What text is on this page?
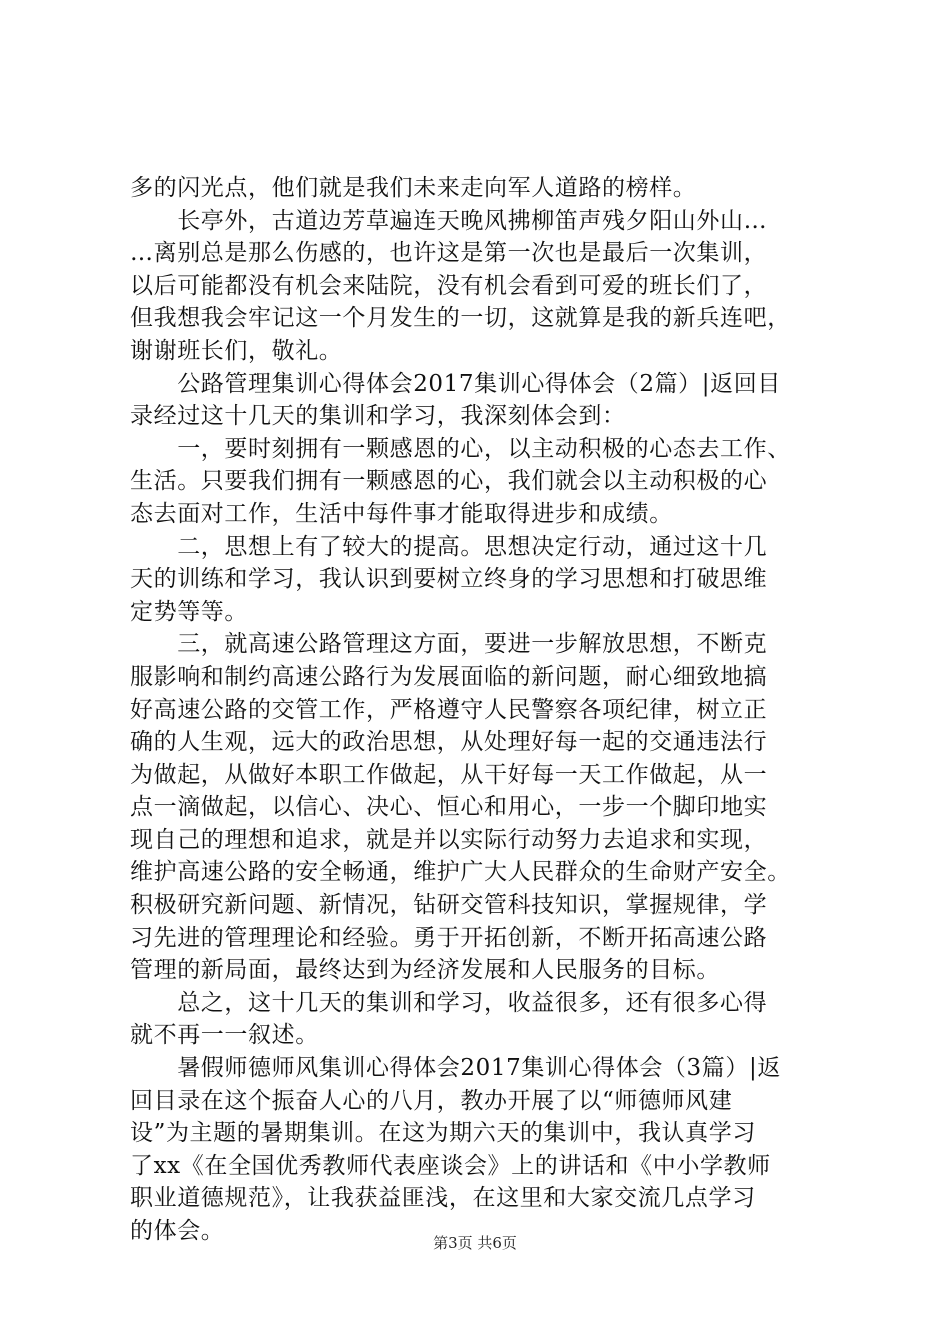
多的闪光点，他们就是我们未来走向军人道路的榜样。
　　长亭外，古道边芳草遍连天晚风拂柳笛声残夕阳山外山…
…离别总是那么伤感的，也许这是第一次也是最后一次集训，
以后可能都没有机会来陆院，没有机会看到可爱的班长们了，
但我想我会牢记这一个月发生的一切，这就算是我的新兵连吧，
谢谢班长们，敬礼。
　　公路管理集训心得体会2017集训心得体会（2篇）|返回目
录经过这十几天的集训和学习，我深刻体会到：
　　一，要时刻拥有一颗感恩的心，以主动积极的心态去工作、
生活。只要我们拥有一颗感恩的心，我们就会以主动积极的心
态去面对工作，生活中每件事才能取得进步和成绩。
　　二，思想上有了较大的提高。思想决定行动，通过这十几
天的训练和学习，我认识到要树立终身的学习思想和打破思维
定势等等。
　　三，就高速公路管理这方面，要进一步解放思想，不断克
服影响和制约高速公路行为发展面临的新问题，耐心细致地搞
好高速公路的交管工作，严格遵守人民警察各项纪律，树立正
确的人生观，远大的政治思想，从处理好每一起的交通违法行
为做起，从做好本职工作做起，从干好每一天工作做起，从一
点一滴做起，以信心、决心、恒心和用心，一步一个脚印地实
现自己的理想和追求，就是并以实际行动努力去追求和实现，
维护高速公路的安全畅通，维护广大人民群众的生命财产安全。
积极研究新问题、新情况，钻研交管科技知识，掌握规律，学
习先进的管理理论和经验。勇于开拓创新，不断开拓高速公路
管理的新局面，最终达到为经济发展和人民服务的目标。
　　总之，这十几天的集训和学习，收益很多，还有很多心得
就不再一一叙述。
　　暑假师德师风集训心得体会2017集训心得体会（3篇）|返
回目录在这个振奋人心的八月，教办开展了以“师德师风建
设”为主题的暑期集训。在这为期六天的集训中，我认真学习
了xx《在全国优秀教师代表座谈会》上的讲话和《中小学教师
职业道德规范》，让我获益匪浅，在这里和大家交流几点学习
的体会。	第3页 共6页
